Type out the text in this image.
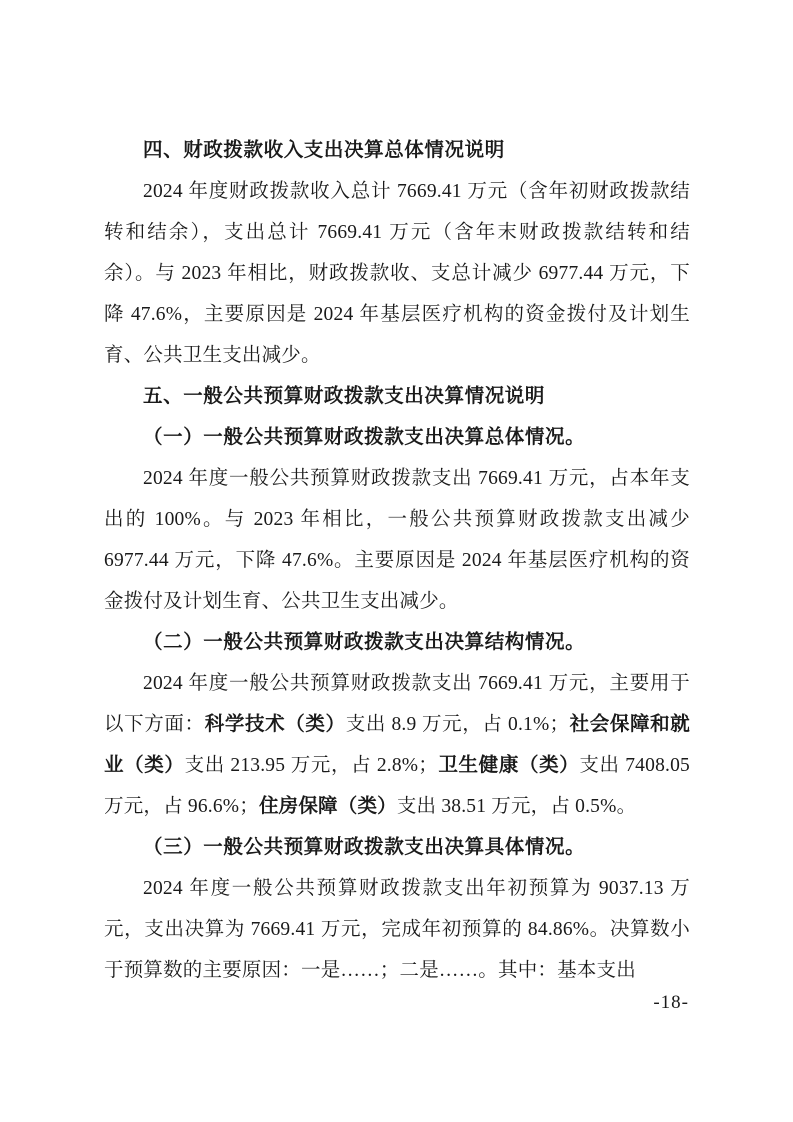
四、财政拨款收入支出决算总体情况说明

2024 年度财政拨款收入总计 7669.41 万元（含年初财政拨款结转和结余），支出总计 7669.41 万元（含年末财政拨款结转和结余）。与 2023 年相比，财政拨款收、支总计减少 6977.44 万元，下降 47.6%，主要原因是 2024 年基层医疗机构的资金拨付及计划生育、公共卫生支出减少。

五、一般公共预算财政拨款支出决算情况说明

（一）一般公共预算财政拨款支出决算总体情况。

2024 年度一般公共预算财政拨款支出 7669.41 万元，占本年支出的 100%。与 2023 年相比，一般公共预算财政拨款支出减少 6977.44 万元，下降 47.6%。主要原因是 2024 年基层医疗机构的资金拨付及计划生育、公共卫生支出减少。

（二）一般公共预算财政拨款支出决算结构情况。

2024 年度一般公共预算财政拨款支出 7669.41 万元，主要用于以下方面：科学技术（类）支出 8.9 万元，占 0.1%；社会保障和就业（类）支出 213.95 万元，占 2.8%；卫生健康（类）支出 7408.05 万元，占 96.6%；住房保障（类）支出 38.51 万元，占 0.5%。

（三）一般公共预算财政拨款支出决算具体情况。

2024 年度一般公共预算财政拨款支出年初预算为 9037.13 万元，支出决算为 7669.41 万元，完成年初预算的 84.86%。决算数小于预算数的主要原因：一是……；二是……。其中：基本支出

-18-
